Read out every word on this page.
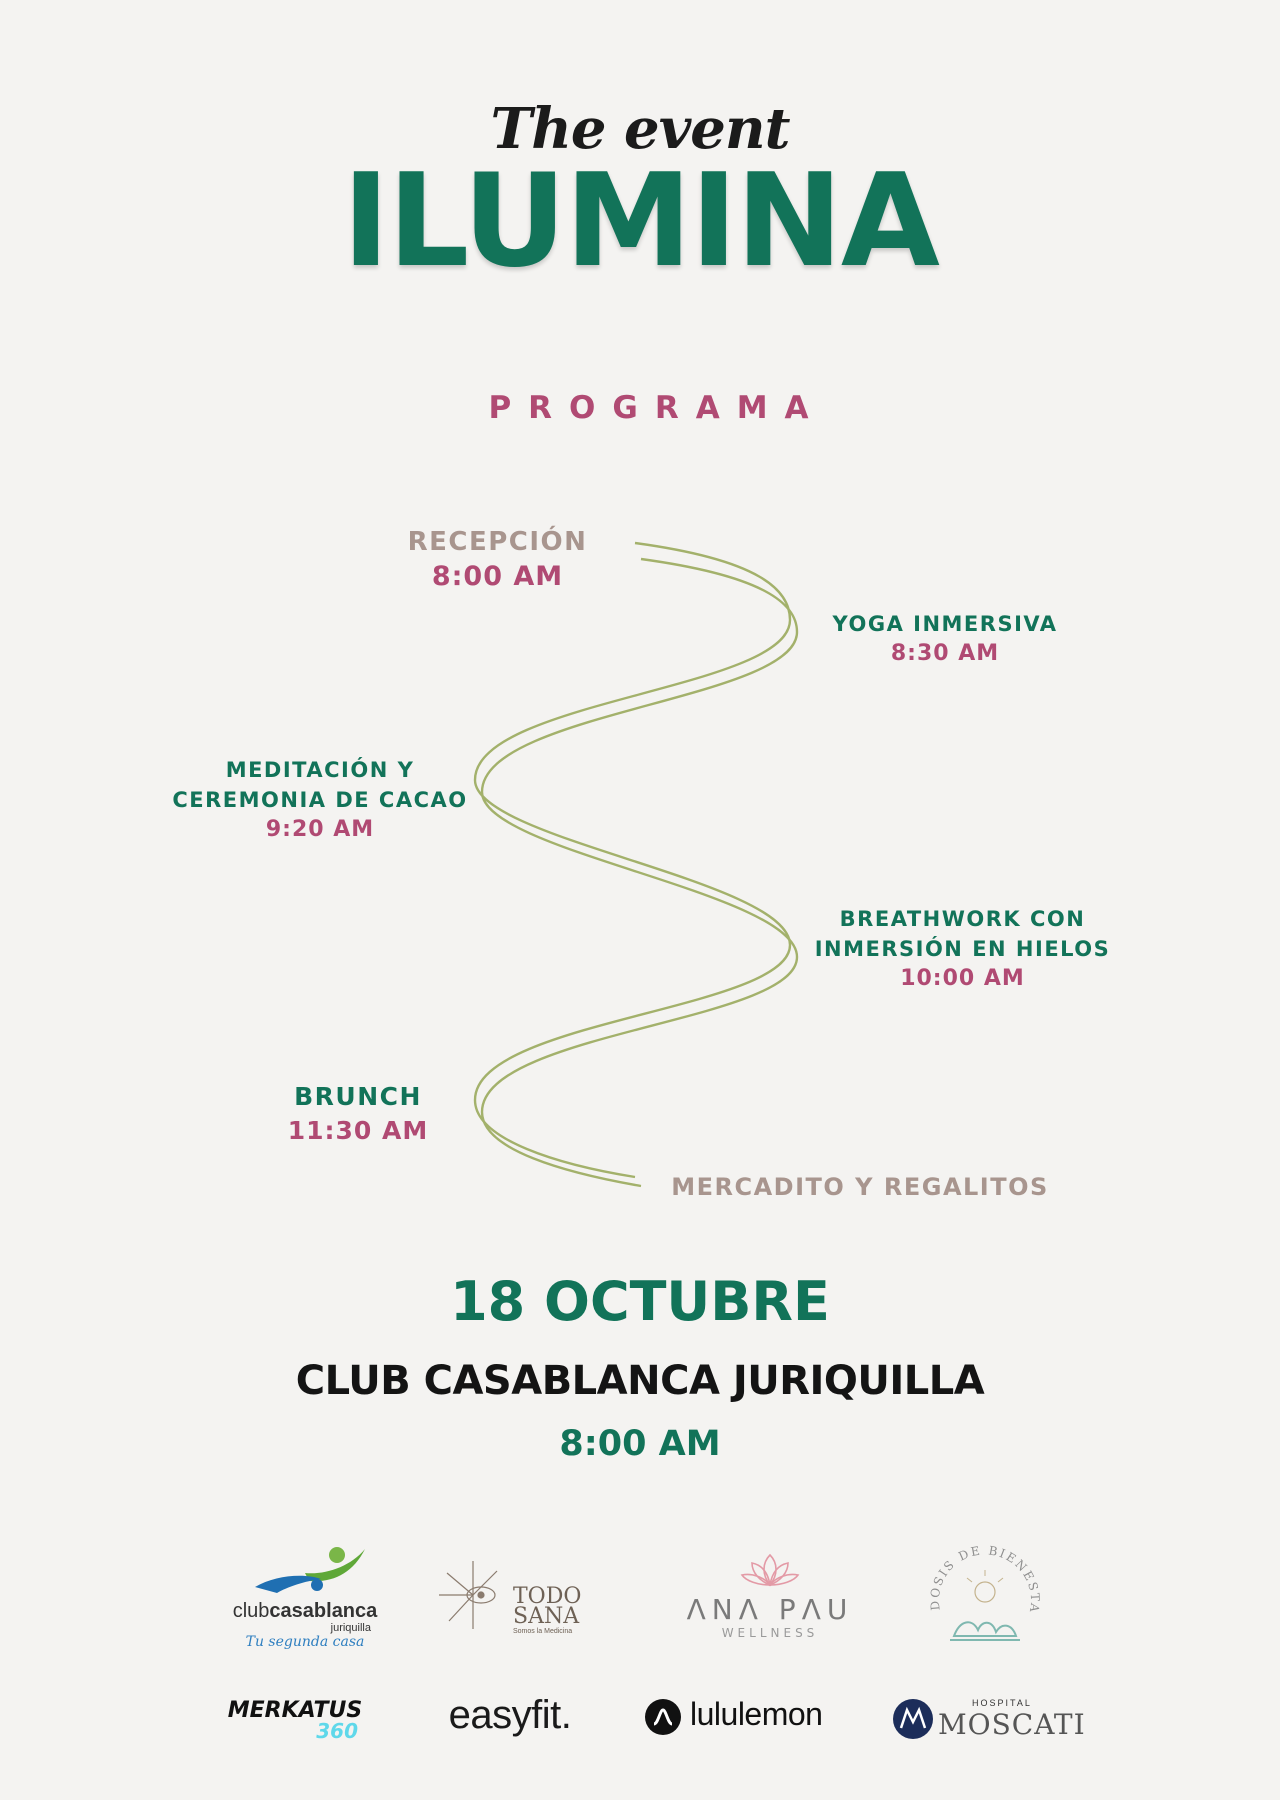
The event
ILUMINA
PROGRAMA
RECEPCIÓN
8:00 AM
YOGA INMERSIVA
8:30 AM
MEDITACIÓN Y
CEREMONIA DE CACAO
9:20 AM
BREATHWORK CON
INMERSIÓN EN HIELOS
10:00 AM
BRUNCH
11:30 AM
MERCADITO Y REGALITOS
18 OCTUBRE
CLUB CASABLANCA JURIQUILLA
8:00 AM
clubcasablanca
juriquilla
Tu segunda casa
TODO
SANA
Somos la Medicina
ΛNΛ PΛU
WELLNESS
DOSIS DE BIENESTA
MERKATUS
360	easyfit.	lululemon	HOSPITAL
MOSCATI
